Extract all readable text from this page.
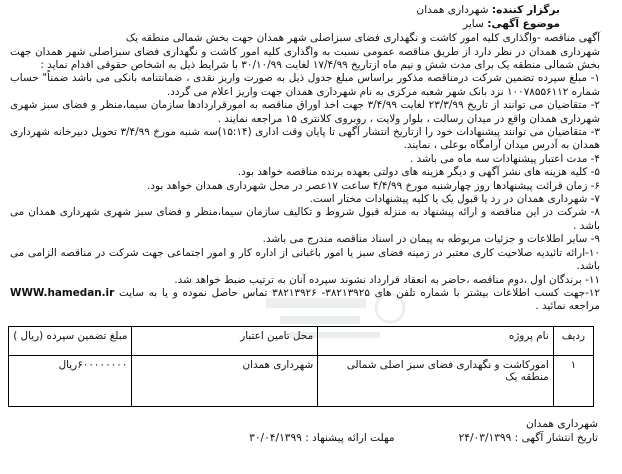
برگزار کننده: شهرداری همدان
موضوع آگهی: سایر

آگهی مناقصه -واگذاری کلیه امور کاشت و نگهداری فضای سبزاصلی شهر همدان جهت بخش شمالی منطقه یک

شهرداری همدان در نظر دارد از طریق مناقصه عمومی نسبت به واگذاری کلیه امور کاشت و نگهداری فضای سبزاصلی شهر همدان جهت بخش شمالی منطقه یک برای مدت شش و نیم ماه ازتاریخ ۱۷/۴/۹۹ لغایت ۳۰/۱۰/۹۹ با شرایط ذیل به اشخاص حقوقی اقدام نماید :

۱- مبلغ سپرده تضمین شرکت درمناقصه مذکور براساس مبلغ جدول ذیل به صورت واریز نقدی ، ضمانتنامه بانکی می باشد ضمناً" حساب شماره ۱۰۰۷۸۵۵۶۱۱۲ نزد بانک شهر شعبه مرکزی به نام شهرداری همدان جهت واریز اعلام می گردد.

۲- متقاضیان می توانند از تاریخ ۲۳/۳/۹۹ لغایت ۳/۴/۹۹ جهت اخذ اوراق مناقصه به امورقراردادها سازمان سیما،منظر و فضای سبز شهری شهرداری همدان واقع در میدان رسالت ، بلوار ولایت ، روبروی کلانتری ۱۵ مراجعه نمایند .

۳- متقاضیان می توانند پیشنهادات خود را ازتاریخ انتشار آگهی تا پایان وقت اداری (۱۵:۱۴)سه شنبه مورخ ۳/۴/۹۹ تحویل دبیرخانه شهرداری همدان به آدرس میدان آرامگاه بوعلی ، نمایند.

۴- مدت اعتبار پیشنهادات سه ماه می باشد .

۵- کلیه هزینه های نشر آگهی و دیگر هزینه های دولتی بعهده برنده مناقصه خواهد بود.

۶- زمان قرائت پیشنهادها روز چهارشنبه مورخ ۴/۴/۹۹ ساعت ۱۷عصر در محل شهرداری همدان خواهد بود.

۷- شهرداری همدان در رد یا قبول یک یا کلیه پیشنهادات مختار است.

۸- شرکت در این مناقصه و ارائه پیشنهاد به منزله قبول شروط و تکالیف سازمان سیما،منظر و فضای سبز شهری شهرداری همدان می باشد .

۹- سایر اطلاعات و جزئیات مربوطه به پیمان در اسناد مناقصه مندرج می باشد.

۱۰-ارائه تائیدیه صلاحیت کاری معتبر در زمینه فضای سبز یا امور باغبانی از اداره کار و امور اجتماعی جهت شرکت در مناقصه الزامی می باشد.

۱۱- برندگان اول ،دوم مناقصه ،حاضر به انعقاد قرارداد نشوند سپرده آنان به ترتیب ضبط خواهد شد.

۱۲-جهت کسب اطلاعات بیشتر با شماره تلفن های ۳۸۲۱۳۹۲۵- ۳۸۲۱۳۹۲۶ تماس حاصل نموده و یا به سایت WWW.hamedan.ir مراجعه نمائید .

ردیف	نام پروژه	محل تامین اعتبار	مبلغ تضمین سپرده (ریال )
۱	امورکاشت و نگهداری فضای سبز اصلی شمالی منطقه یک	شهرداری همدان	۶۰۰۰۰۰۰۰۰ریال
شهرداری همدان
تاریخ انتشار آگهی : ۲۴/۰۳/۱۳۹۹
مهلت ارائه پیشنهاد : ۳۰/۰۴/۱۳۹۹
